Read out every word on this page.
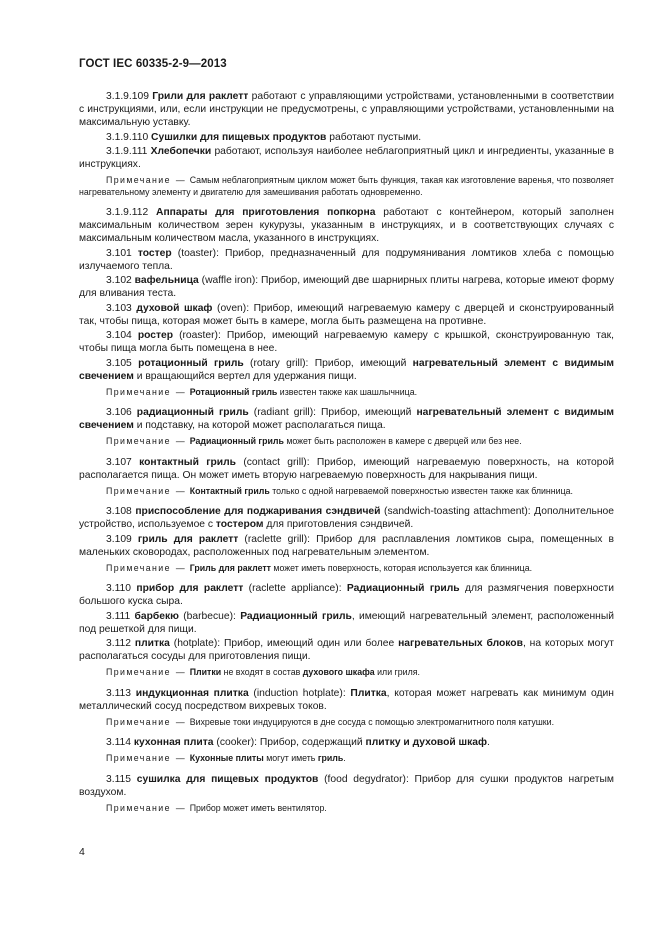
ГОСТ IEC 60335-2-9—2013
3.1.9.109 Грили для раклетт работают с управляющими устройствами, установленными в соответствии с инструкциями, или, если инструкции не предусмотрены, с управляющими устройствами, установленными на максимальную уставку.
3.1.9.110 Сушилки для пищевых продуктов работают пустыми.
3.1.9.111 Хлебопечки работают, используя наиболее неблагоприятный цикл и ингредиенты, указанные в инструкциях.
Примечание — Самым неблагоприятным циклом может быть функция, такая как изготовление варенья, что позволяет нагревательному элементу и двигателю для замешивания работать одновременно.
3.1.9.112 Аппараты для приготовления попкорна работают с контейнером, который заполнен максимальным количеством зерен кукурузы, указанным в инструкциях, и в соответствующих случаях с максимальным количеством масла, указанного в инструкциях.
3.101 тостер (toaster): Прибор, предназначенный для подрумянивания ломтиков хлеба с помощью излучаемого тепла.
3.102 вафельница (waffle iron): Прибор, имеющий две шарнирных плиты нагрева, которые имеют форму для вливания теста.
3.103 духовой шкаф (oven): Прибор, имеющий нагреваемую камеру с дверцей и сконструированный так, чтобы пища, которая может быть в камере, могла быть размещена на противне.
3.104 ростер (roaster): Прибор, имеющий нагреваемую камеру с крышкой, сконструированную так, чтобы пища могла быть помещена в нее.
3.105 ротационный гриль (rotary grill): Прибор, имеющий нагревательный элемент с видимым свечением и вращающийся вертел для удержания пищи.
Примечание — Ротационный гриль известен также как шашлычница.
3.106 радиационный гриль (radiant grill): Прибор, имеющий нагревательный элемент с видимым свечением и подставку, на которой может располагаться пища.
Примечание — Радиационный гриль может быть расположен в камере с дверцей или без нее.
3.107 контактный гриль (contact grill): Прибор, имеющий нагреваемую поверхность, на которой располагается пища. Он может иметь вторую нагреваемую поверхность для накрывания пищи.
Примечание — Контактный гриль только с одной нагреваемой поверхностью известен также как блинница.
3.108 приспособление для поджаривания сэндвичей (sandwich-toasting attachment): Дополнительное устройство, используемое с тостером для приготовления сэндвичей.
3.109 гриль для раклетт (raclette grill): Прибор для расплавления ломтиков сыра, помещенных в маленьких сковородах, расположенных под нагревательным элементом.
Примечание — Гриль для раклетт может иметь поверхность, которая используется как блинница.
3.110 прибор для раклетт (raclette appliance): Радиационный гриль для размягчения поверхности большого куска сыра.
3.111 барбекю (barbecue): Радиационный гриль, имеющий нагревательный элемент, расположенный под решеткой для пищи.
3.112 плитка (hotplate): Прибор, имеющий один или более нагревательных блоков, на которых могут располагаться сосуды для приготовления пищи.
Примечание — Плитки не входят в состав духового шкафа или гриля.
3.113 индукционная плитка (induction hotplate): Плитка, которая может нагревать как минимум один металлический сосуд посредством вихревых токов.
Примечание — Вихревые токи индуцируются в дне сосуда с помощью электромагнитного поля катушки.
3.114 кухонная плита (cooker): Прибор, содержащий плитку и духовой шкаф.
Примечание — Кухонные плиты могут иметь гриль.
3.115 сушилка для пищевых продуктов (food degydrator): Прибор для сушки продуктов нагретым воздухом.
Примечание — Прибор может иметь вентилятор.
4
